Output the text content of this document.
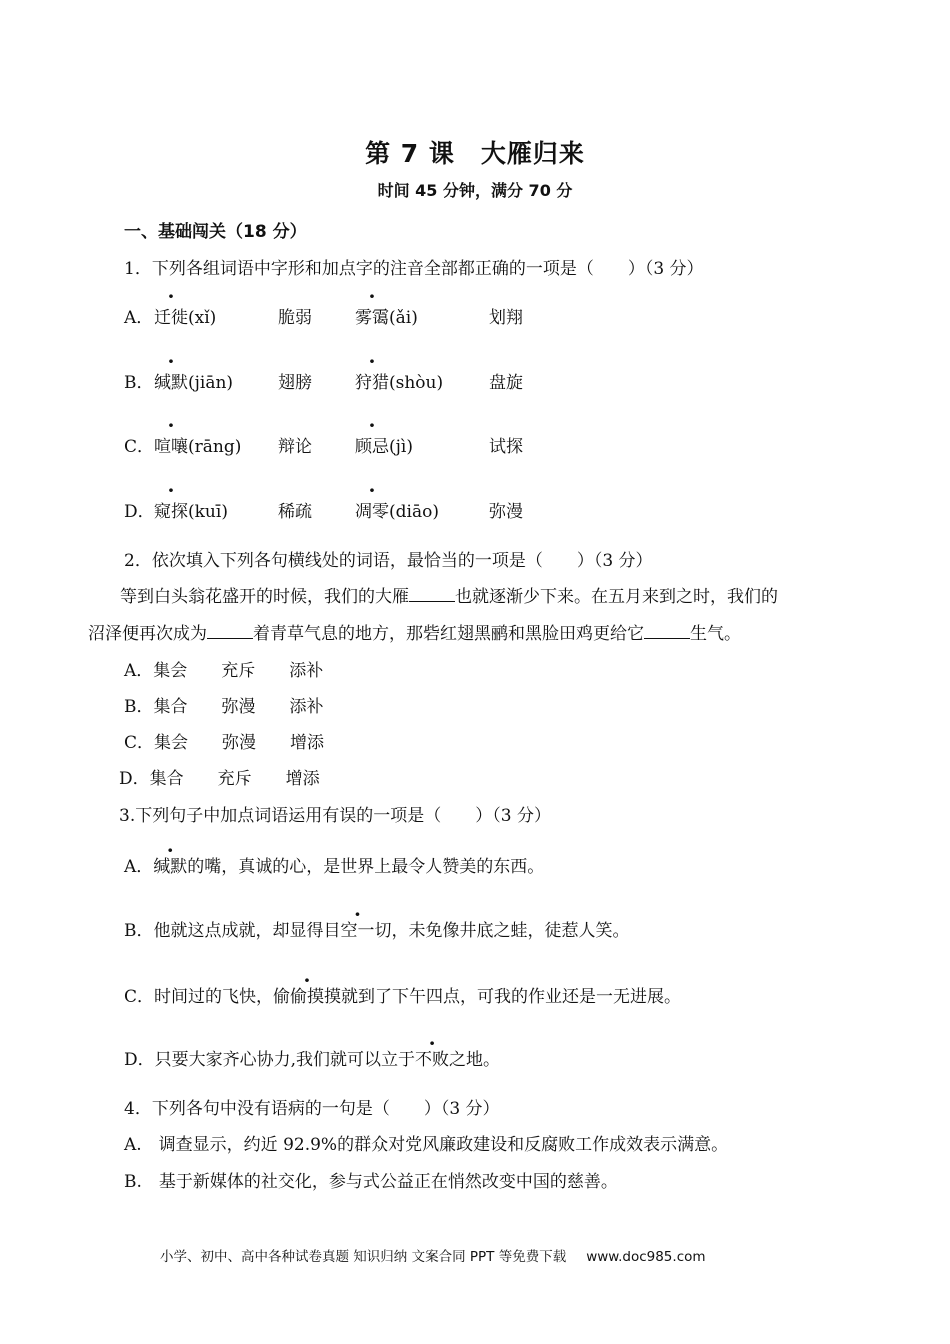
第 7 课　大雁归来
时间 45 分钟，满分 70 分
一、基础闯关（18 分）
1．下列各组词语中字形和加点字的注音全部都正确的一项是（　　）（3 分）
A． 迁徙(xǐ)	脆弱	雾霭(ǎi)	划翔
B． 缄默(jiān)	翅膀	狩猎(shòu)	盘旋
C． 喧嚷(rāng) 辩论	顾忌(jì)	试探
D． 窥探(kuī)	稀疏	凋零(diāo)	弥漫
2．依次填入下列各句横线处的词语，最恰当的一项是（　　）（3 分）
等到白头翁花盛开的时候，我们的大雁	也就逐渐少下来。在五月来到之时，我们的
沼泽便再次成为	着青草气息的地方，那砦红翅黑鹂和黑脸田鸡更给它	生气。
A．集会　　充斥　　添补
B．集合　　弥漫　　添补
C．集会　　弥漫　　增添
D．集合　　充斥　　增添
3.下列句子中加点词语运用有误的一项是（　　）（3 分）
A．缄默的嘴，真诚的心，是世界上最令人赞美的东西。
B．他就这点成就，却显得目空一切，未免像井底之蛙，徒惹人笑。
C．时间过的飞快，偷偷摸摸就到了下午四点，可我的作业还是一无进展。
D．只要大家齐心协力,我们就可以· 立于不败之地。
4．下列各句中没有语病的一句是（　　）（3 分）
A.　调查显示，约近 92.9%的群众对党风廉政建设和反腐败工作成效表示满意。
B.　基于新媒体的社交化，参与式公益正在悄然改变中国的慈善。
小学、初中、高中各种试卷真题 知识归纳 文案合同 PPT 等免费下载 www.doc985.com
